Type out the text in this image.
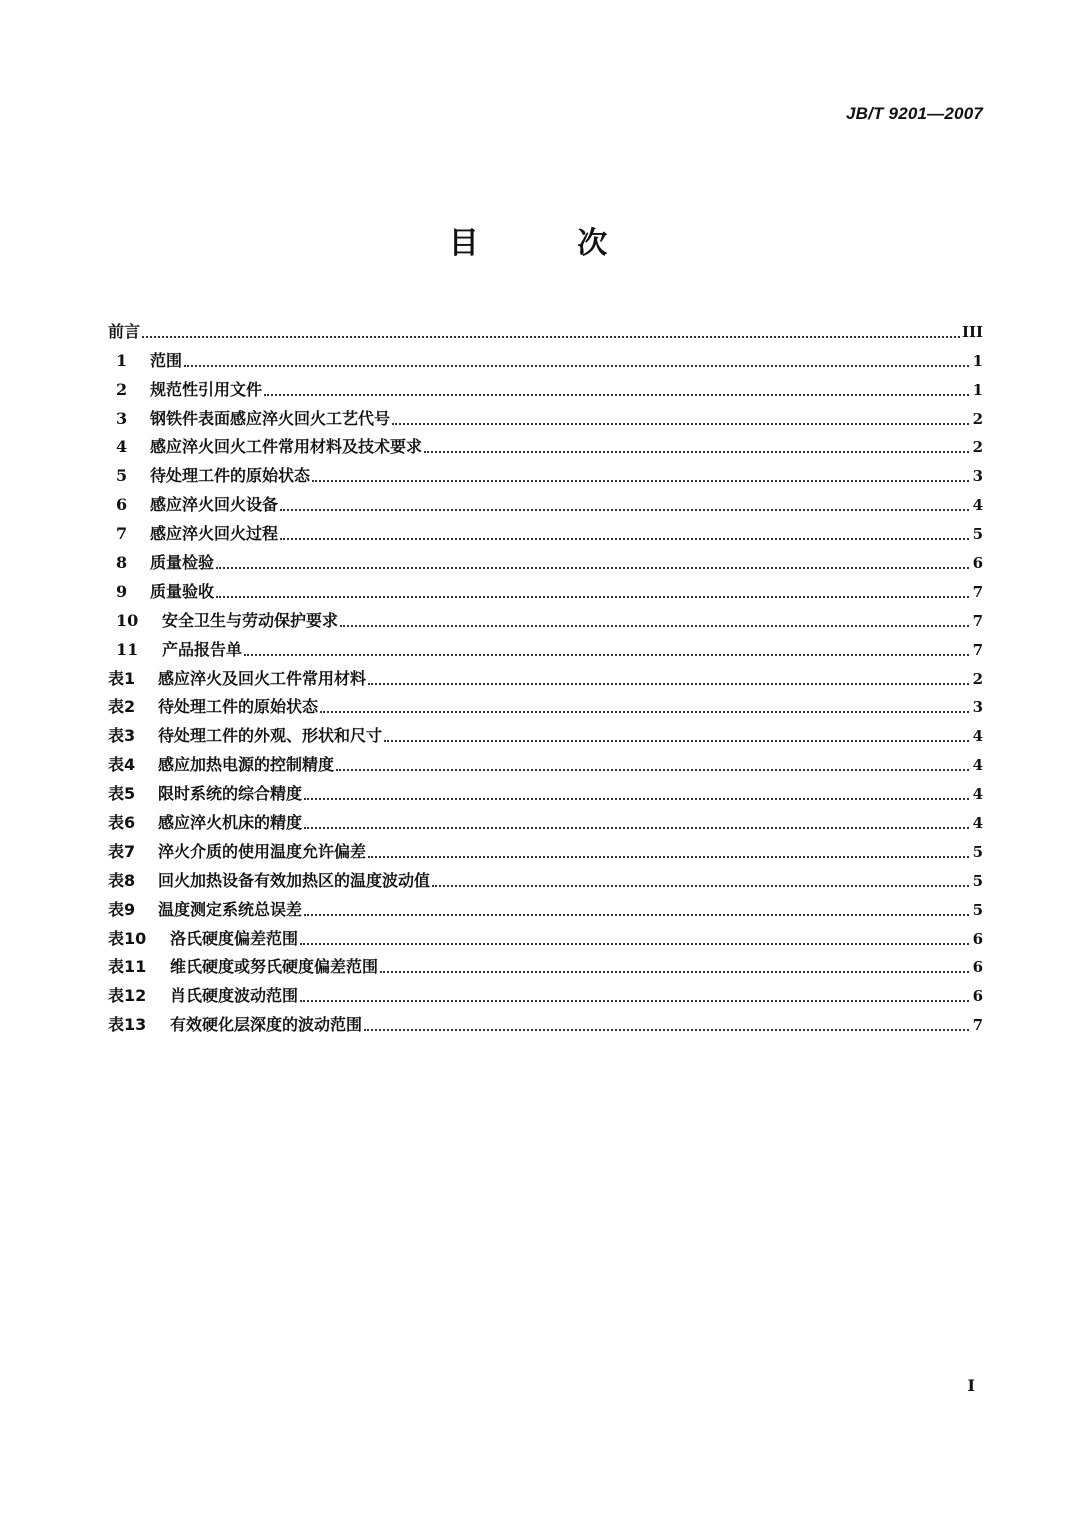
JB/T 9201—2007
目 次
前言	III
1	范围	1
2	规范性引用文件	1
3	钢铁件表面感应淬火回火工艺代号	2
4	感应淬火回火工件常用材料及技术要求	2
5	待处理工件的原始状态	3
6	感应淬火回火设备	4
7	感应淬火回火过程	5
8	质量检验	6
9	质量验收	7
10	安全卫生与劳动保护要求	7
11	产品报告单	7
表1	感应淬火及回火工件常用材料	2
表2	待处理工件的原始状态	3
表3	待处理工件的外观、形状和尺寸	4
表4	感应加热电源的控制精度	4
表5	限时系统的综合精度	4
表6	感应淬火机床的精度	4
表7	淬火介质的使用温度允许偏差	5
表8	回火加热设备有效加热区的温度波动值	5
表9	温度测定系统总误差	5
表10	洛氏硬度偏差范围	6
表11	维氏硬度或努氏硬度偏差范围	6
表12	肖氏硬度波动范围	6
表13	有效硬化层深度的波动范围	7
I
